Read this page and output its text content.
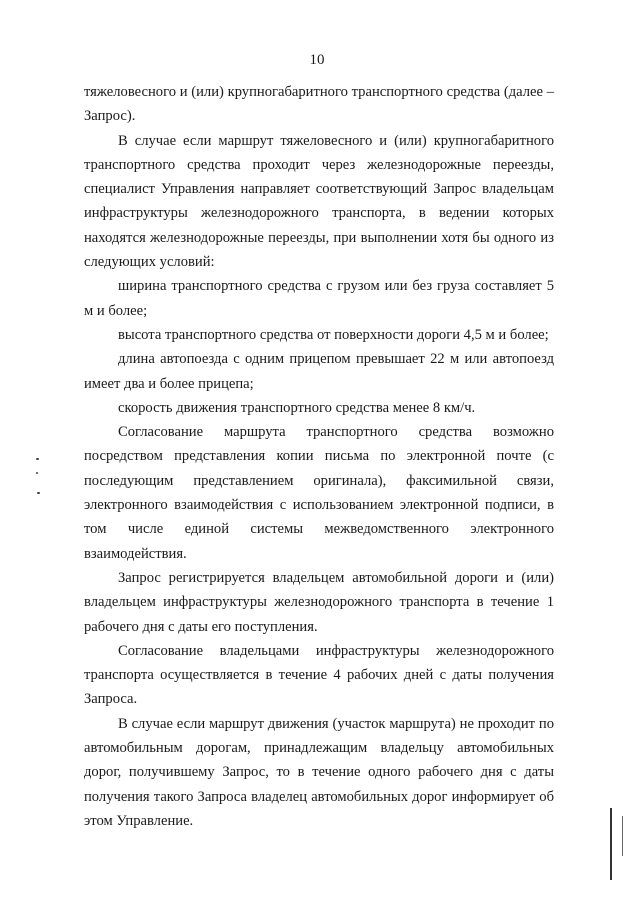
10

тяжеловесного и (или) крупногабаритного транспортного средства (далее – Запрос).

В случае если маршрут тяжеловесного и (или) крупногабаритного транспортного средства проходит через железнодорожные переезды, специалист Управления направляет соответствующий Запрос владельцам инфраструктуры железнодорожного транспорта, в ведении которых находятся железнодорожные переезды, при выполнении хотя бы одного из следующих условий:

ширина транспортного средства с грузом или без груза составляет 5 м и более;

высота транспортного средства от поверхности дороги 4,5 м и более;

длина автопоезда с одним прицепом превышает 22 м или автопоезд имеет два и более прицепа;

скорость движения транспортного средства менее 8 км/ч.

Согласование маршрута транспортного средства возможно посредством представления копии письма по электронной почте (с последующим представлением оригинала), факсимильной связи, электронного взаимодействия с использованием электронной подписи, в том числе единой системы межведомственного электронного взаимодействия.

Запрос регистрируется владельцем автомобильной дороги и (или) владельцем инфраструктуры железнодорожного транспорта в течение 1 рабочего дня с даты его поступления.

Согласование владельцами инфраструктуры железнодорожного транспорта осуществляется в течение 4 рабочих дней с даты получения Запроса.

В случае если маршрут движения (участок маршрута) не проходит по автомобильным дорогам, принадлежащим владельцу автомобильных дорог, получившему Запрос, то в течение одного рабочего дня с даты получения такого Запроса владелец автомобильных дорог информирует об этом Управление.
